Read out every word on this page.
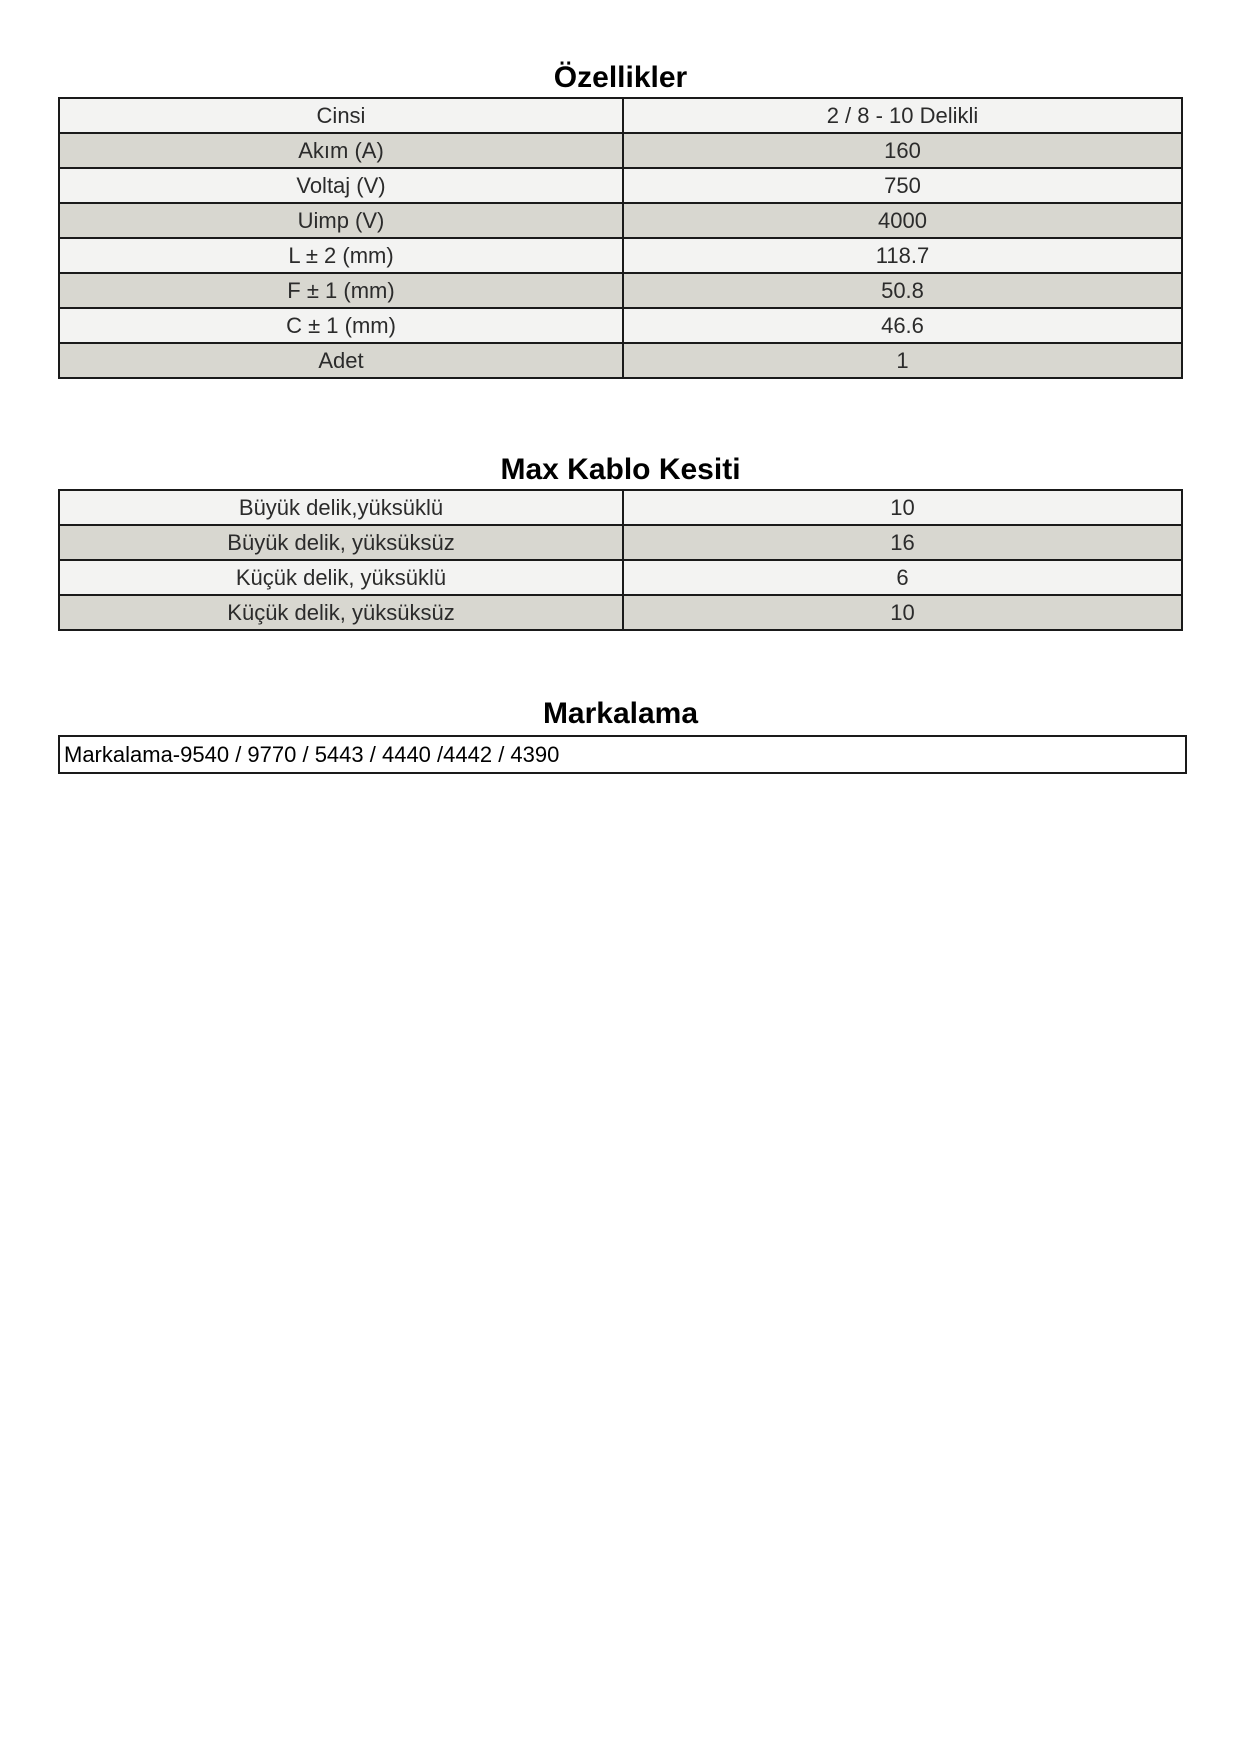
Özellikler
Cinsi	2 / 8 - 10 Delikli
Akım (A)	160
Voltaj (V)	750
Uimp (V)	4000
L ± 2 (mm)	118.7
F ± 1 (mm)	50.8
C ± 1 (mm)	46.6
Adet	1
Max Kablo Kesiti
Büyük delik,yüksüklü	10
Büyük delik, yüksüksüz	16
Küçük delik, yüksüklü	6
Küçük delik, yüksüksüz	10
Markalama
Markalama-9540 / 9770 / 5443 / 4440 /4442 / 4390
